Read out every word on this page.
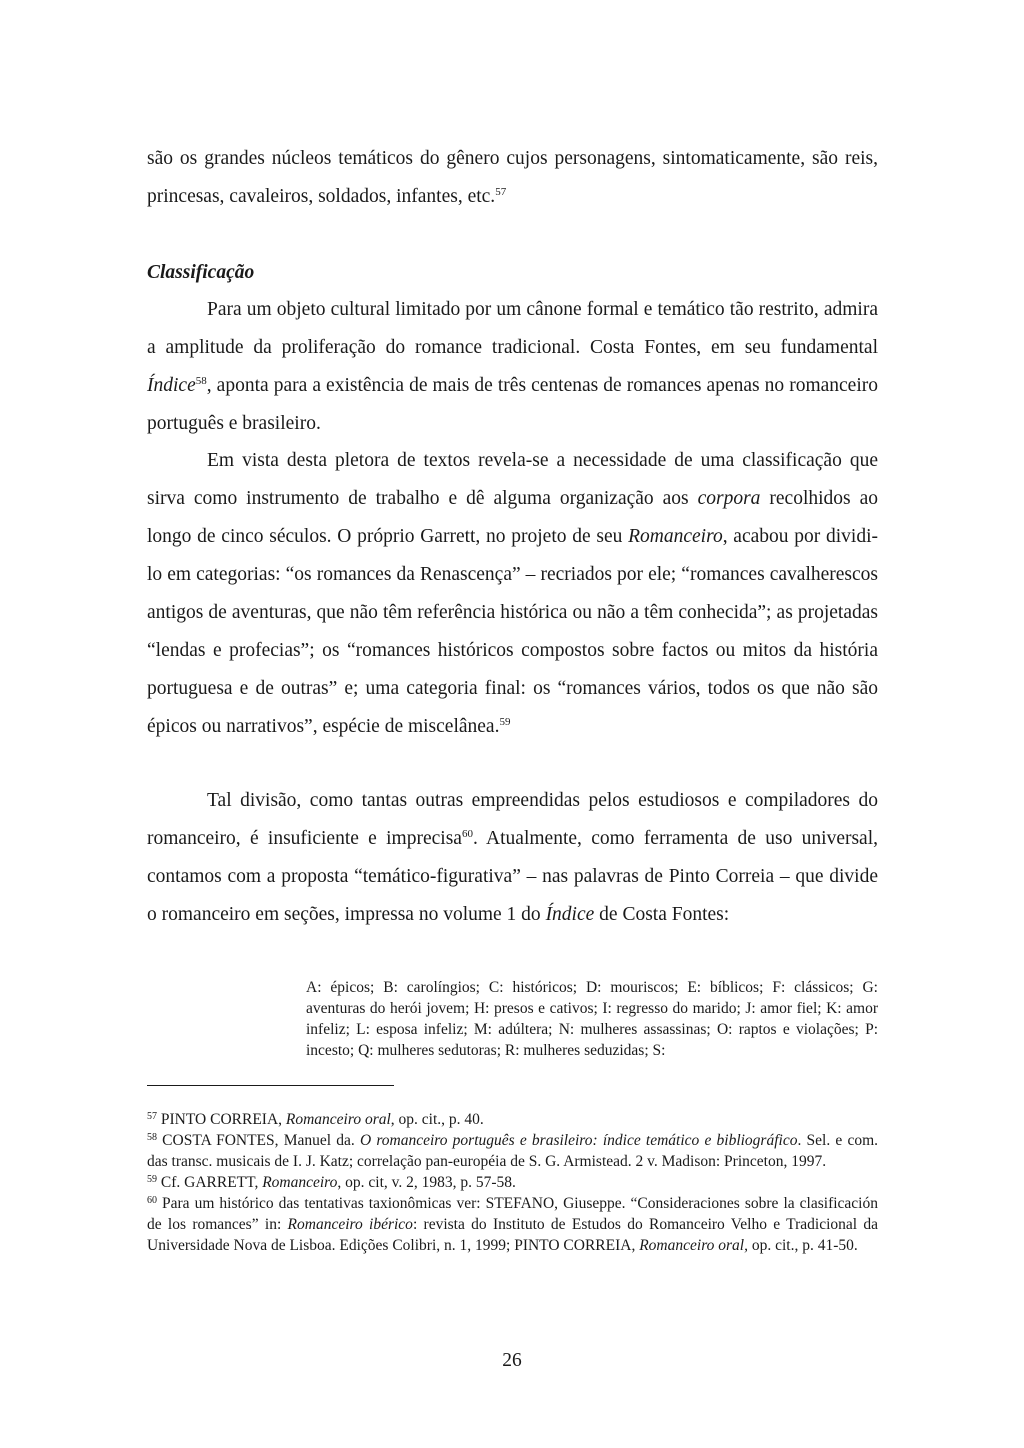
são os grandes núcleos temáticos do gênero cujos personagens, sintomaticamente, são reis, princesas, cavaleiros, soldados, infantes, etc.$^{57}$

Classificação

Para um objeto cultural limitado por um cânone formal e temático tão restrito, admira a amplitude da proliferação do romance tradicional. Costa Fontes, em seu fundamental Índice$^{58}$, aponta para a existência de mais de três centenas de romances apenas no romanceiro português e brasileiro.

Em vista desta pletora de textos revela-se a necessidade de uma classificação que sirva como instrumento de trabalho e dê alguma organização aos corpora recolhidos ao longo de cinco séculos. O próprio Garrett, no projeto de seu Romanceiro, acabou por dividi-lo em categorias: “os romances da Renascença” – recriados por ele; “romances cavalherescos antigos de aventuras, que não têm referência histórica ou não a têm conhecida”; as projetadas “lendas e profecias”; os “romances históricos compostos sobre factos ou mitos da história portuguesa e de outras” e; uma categoria final: os “romances vários, todos os que não são épicos ou narrativos”, espécie de miscelânea.$^{59}$

Tal divisão, como tantas outras empreendidas pelos estudiosos e compiladores do romanceiro, é insuficiente e imprecisa$^{60}$. Atualmente, como ferramenta de uso universal, contamos com a proposta “temático-figurativa” – nas palavras de Pinto Correia – que divide o romanceiro em seções, impressa no volume 1 do Índice de Costa Fontes:

A: épicos; B: carolíngios; C: históricos; D: mouriscos; E: bíblicos; F: clássicos; G: aventuras do herói jovem; H: presos e cativos; I: regresso do marido; J: amor fiel; K: amor infeliz; L: esposa infeliz; M: adúltera; N: mulheres assassinas; O: raptos e violações; P: incesto; Q: mulheres sedutoras; R: mulheres seduzidas; S:

$^{57}$ PINTO CORREIA, Romanceiro oral, op. cit., p. 40.

$^{58}$ COSTA FONTES, Manuel da. O romanceiro português e brasileiro: índice temático e bibliográfico. Sel. e com. das transc. musicais de I. J. Katz; correlação pan-européia de S. G. Armistead. 2 v. Madison: Princeton, 1997.

$^{59}$ Cf. GARRETT, Romanceiro, op. cit, v. 2, 1983, p. 57-58.

$^{60}$ Para um histórico das tentativas taxionômicas ver: STEFANO, Giuseppe. “Consideraciones sobre la clasificación de los romances” in: Romanceiro ibérico: revista do Instituto de Estudos do Romanceiro Velho e Tradicional da Universidade Nova de Lisboa. Edições Colibri, n. 1, 1999; PINTO CORREIA, Romanceiro oral, op. cit., p. 41-50.

26
